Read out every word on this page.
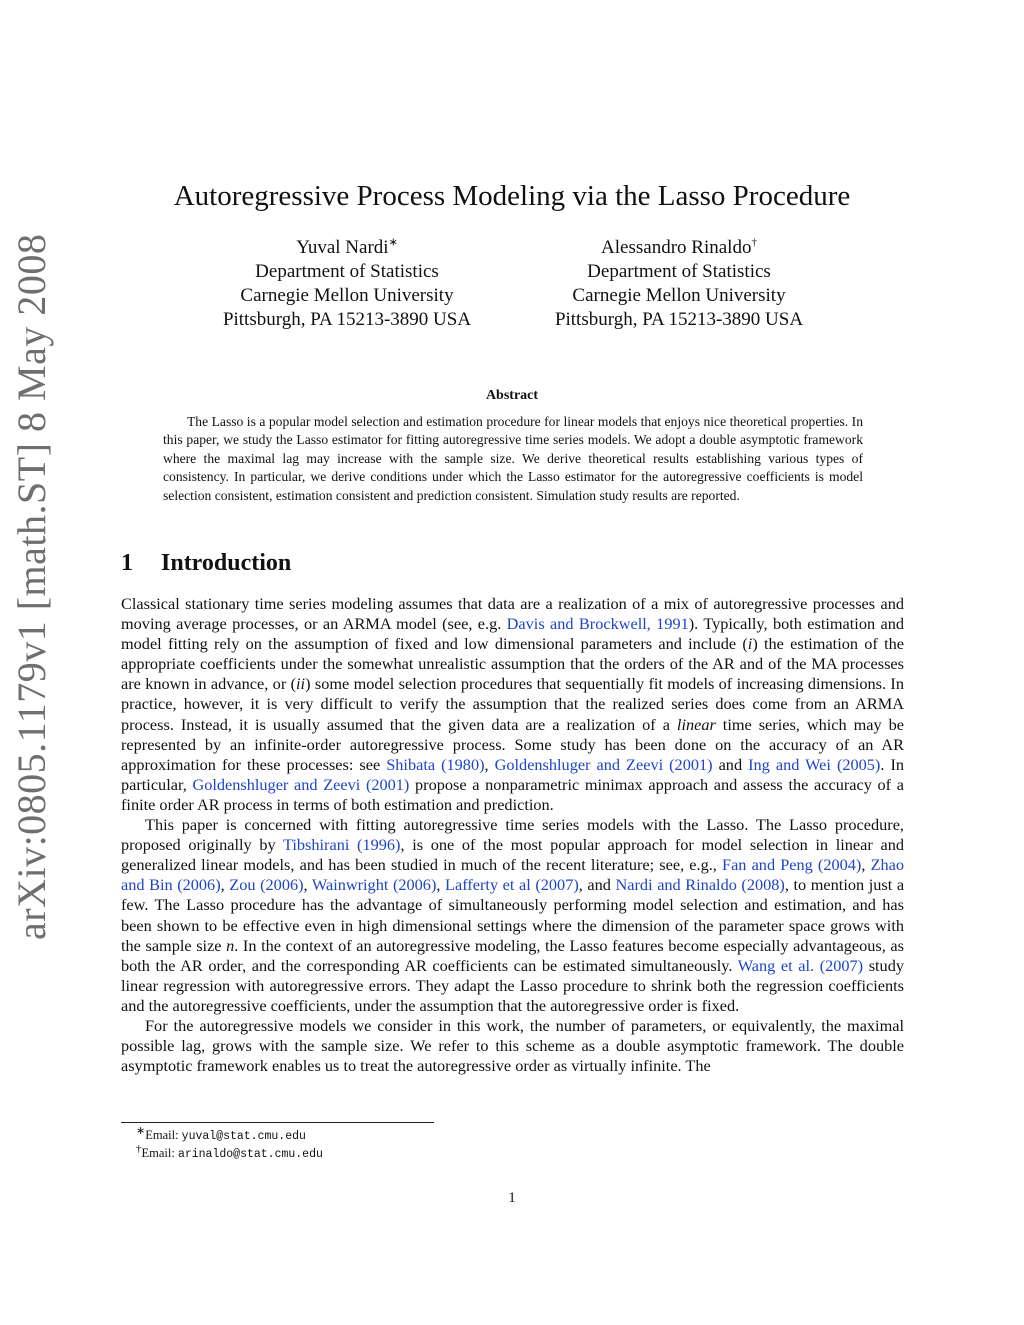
arXiv:0805.1179v1 [math.ST] 8 May 2008
Autoregressive Process Modeling via the Lasso Procedure
Yuval Nardi∗
Department of Statistics
Carnegie Mellon University
Pittsburgh, PA 15213-3890 USA
Alessandro Rinaldo†
Department of Statistics
Carnegie Mellon University
Pittsburgh, PA 15213-3890 USA
Abstract
The Lasso is a popular model selection and estimation procedure for linear models that enjoys nice theoretical properties. In this paper, we study the Lasso estimator for fitting autoregressive time series models. We adopt a double asymptotic framework where the maximal lag may increase with the sample size. We derive theoretical results establishing various types of consistency. In particular, we derive conditions under which the Lasso estimator for the autoregressive coefficients is model selection consistent, estimation consistent and prediction consistent. Simulation study results are reported.
1 Introduction

Classical stationary time series modeling assumes that data are a realization of a mix of autoregressive processes and moving average processes, or an ARMA model (see, e.g. Davis and Brockwell, 1991). Typically, both estimation and model fitting rely on the assumption of fixed and low dimensional parameters and include (i) the estimation of the appropriate coefficients under the somewhat unrealistic assumption that the orders of the AR and of the MA processes are known in advance, or (ii) some model selection procedures that sequentially fit models of increasing dimensions. In practice, however, it is very difficult to verify the assumption that the realized series does come from an ARMA process. Instead, it is usually assumed that the given data are a realization of a linear time series, which may be represented by an infinite-order autoregressive process. Some study has been done on the accuracy of an AR approximation for these processes: see Shibata (1980), Goldenshluger and Zeevi (2001) and Ing and Wei (2005). In particular, Goldenshluger and Zeevi (2001) propose a nonparametric minimax approach and assess the accuracy of a finite order AR process in terms of both estimation and prediction.

This paper is concerned with fitting autoregressive time series models with the Lasso. The Lasso procedure, proposed originally by Tibshirani (1996), is one of the most popular approach for model selection in linear and generalized linear models, and has been studied in much of the recent literature; see, e.g., Fan and Peng (2004), Zhao and Bin (2006), Zou (2006), Wainwright (2006), Lafferty et al (2007), and Nardi and Rinaldo (2008), to mention just a few. The Lasso procedure has the advantage of simultaneously performing model selection and estimation, and has been shown to be effective even in high dimensional settings where the dimension of the parameter space grows with the sample size n. In the context of an autoregressive modeling, the Lasso features become especially advantageous, as both the AR order, and the corresponding AR coefficients can be estimated simultaneously. Wang et al. (2007) study linear regression with autoregressive errors. They adapt the Lasso procedure to shrink both the regression coefficients and the autoregressive coefficients, under the assumption that the autoregressive order is fixed.

For the autoregressive models we consider in this work, the number of parameters, or equivalently, the maximal possible lag, grows with the sample size. We refer to this scheme as a double asymptotic framework. The double asymptotic framework enables us to treat the autoregressive order as virtually infinite. The

∗Email: yuval@stat.cmu.edu
†Email: arinaldo@stat.cmu.edu
1
